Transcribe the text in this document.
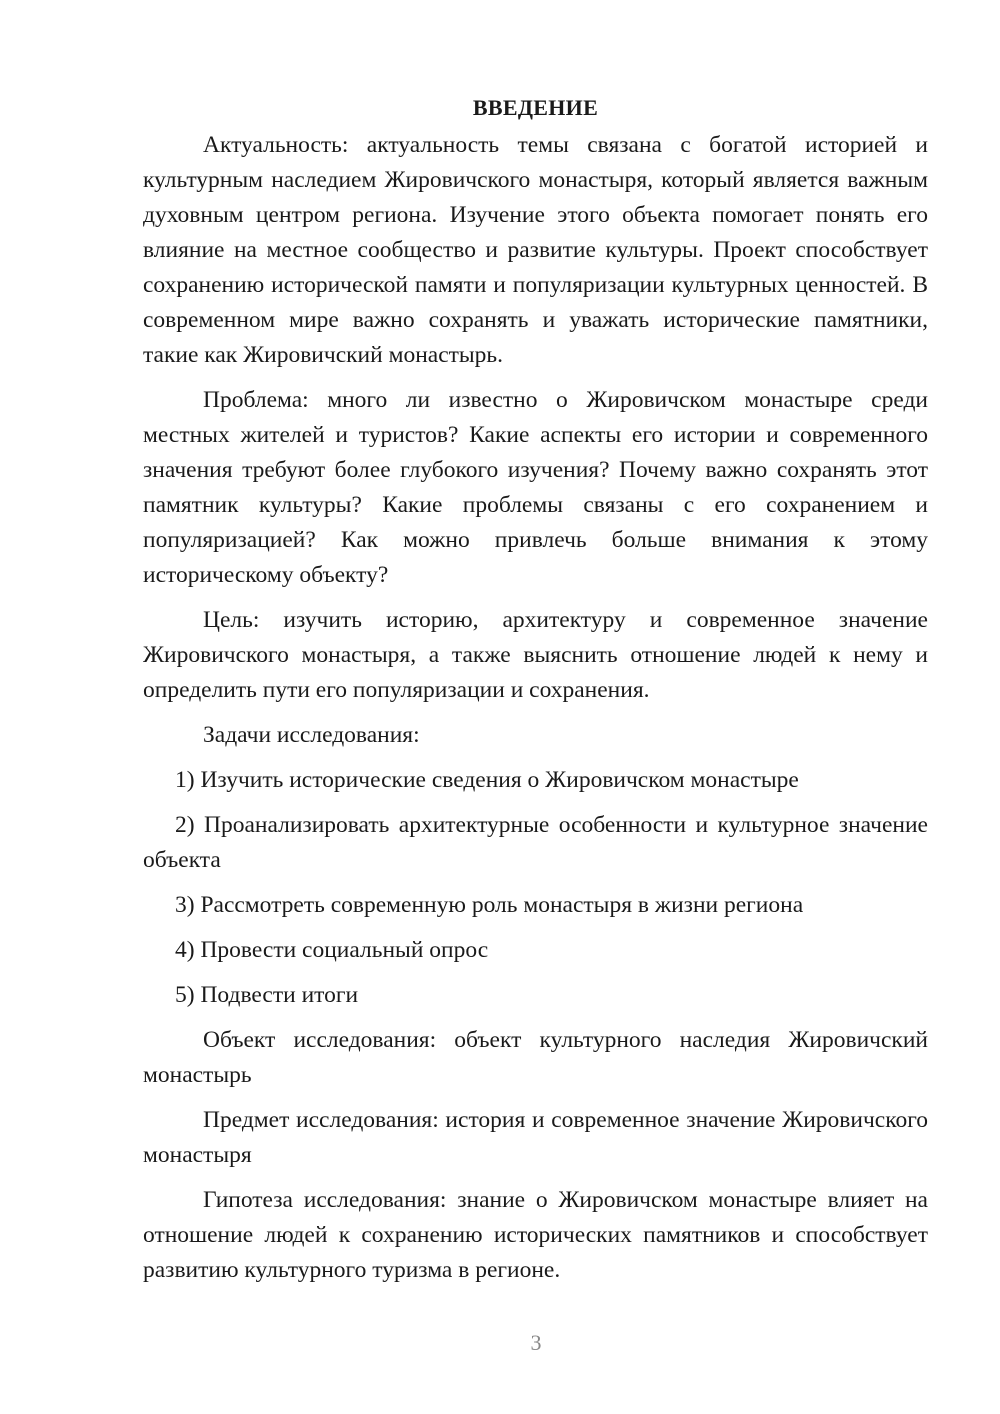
ВВЕДЕНИЕ

Актуальность: актуальность темы связана с богатой историей и культурным наследием Жировичского монастыря, который является важным духовным центром региона. Изучение этого объекта помогает понять его влияние на местное сообщество и развитие культуры. Проект способствует сохранению исторической памяти и популяризации культурных ценностей. В современном мире важно сохранять и уважать исторические памятники, такие как Жировичский монастырь.

Проблема: много ли известно о Жировичском монастыре среди местных жителей и туристов? Какие аспекты его истории и современного значения требуют более глубокого изучения? Почему важно сохранять этот памятник культуры? Какие проблемы связаны с его сохранением и популяризацией? Как можно привлечь больше внимания к этому историческому объекту?

Цель: изучить историю, архитектуру и современное значение Жировичского монастыря, а также выяснить отношение людей к нему и определить пути его популяризации и сохранения.

Задачи исследования:

1) Изучить исторические сведения о Жировичском монастыре

2) Проанализировать архитектурные особенности и культурное значение объекта

3) Рассмотреть современную роль монастыря в жизни региона

4) Провести социальный опрос

5) Подвести итоги

Объект исследования: объект культурного наследия Жировичский монастырь

Предмет исследования: история и современное значение Жировичского монастыря

Гипотеза исследования: знание о Жировичском монастыре влияет на отношение людей к сохранению исторических памятников и способствует развитию культурного туризма в регионе.

3
